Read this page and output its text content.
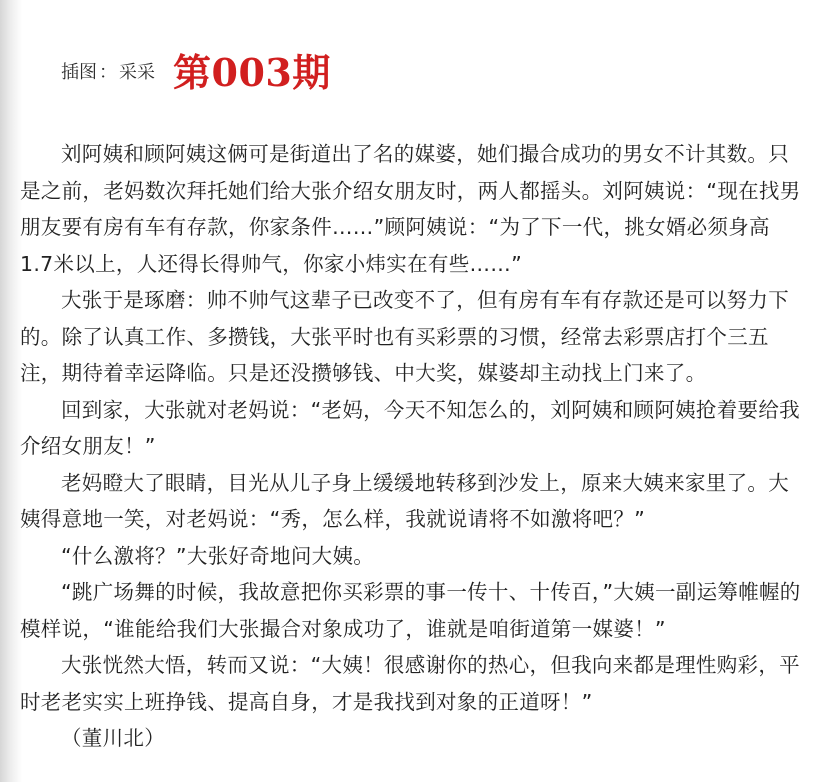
插图 ： 采采 第003期

刘阿姨和顾阿姨这俩可是街道出了名的媒婆，她们撮合成功的男女不计其数。只是之前，老妈数次拜托她们给大张介绍女朋友时，两人都摇头。刘阿姨说：“现在找男朋友要有房有车有存款，你家条件……”顾阿姨说：“为了下一代，挑女婿必须身高1.7米以上，人还得长得帅气，你家小炜实在有些……”

大张于是琢磨：帅不帅气这辈子已改变不了，但有房有车有存款还是可以努力下的。除了认真工作、多攒钱，大张平时也有买彩票的习惯，经常去彩票店打个三五注，期待着幸运降临。只是还没攒够钱、中大奖，媒婆却主动找上门来了。

回到家，大张就对老妈说：“老妈，今天不知怎么的，刘阿姨和顾阿姨抢着要给我介绍女朋友！”

老妈瞪大了眼睛，目光从儿子身上缓缓地转移到沙发上，原来大姨来家里了。大姨得意地一笑，对老妈说：“秀，怎么样，我就说请将不如激将吧？”

“什么激将？”大张好奇地问大姨。

“跳广场舞的时候，我故意把你买彩票的事一传十、十传百，”大姨一副运筹帷幄的模样说，“谁能给我们大张撮合对象成功了，谁就是咱街道第一媒婆！”

大张恍然大悟，转而又说：“大姨！很感谢你的热心，但我向来都是理性购彩，平时老老实实上班挣钱、提高自身，才是我找到对象的正道呀！”

（董川北）
